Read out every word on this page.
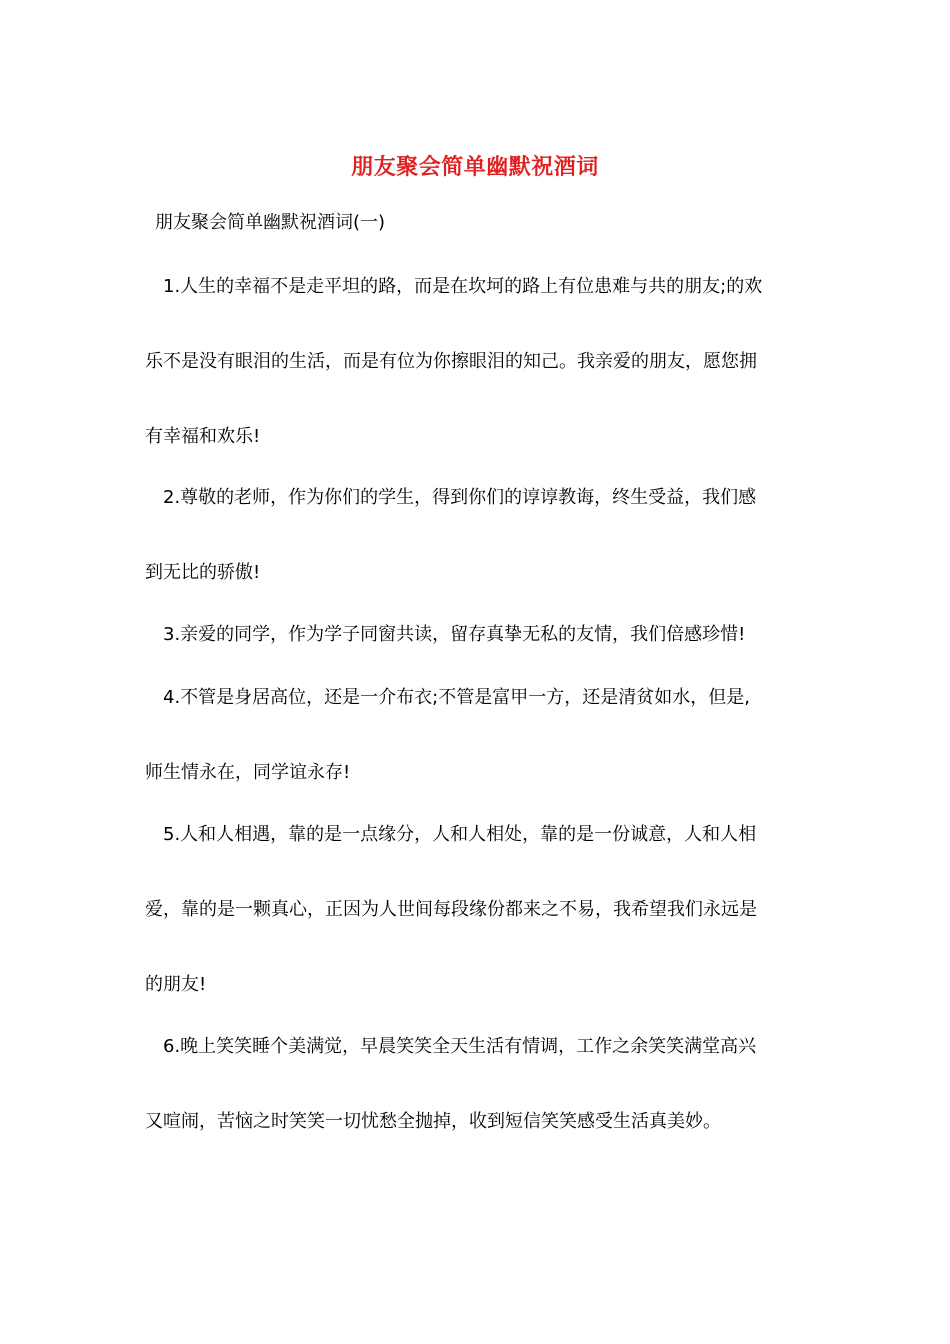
朋友聚会简单幽默祝酒词
朋友聚会简单幽默祝酒词(一)
1.人生的幸福不是走平坦的路，而是在坎坷的路上有位患难与共的朋友;的欢
乐不是没有眼泪的生活，而是有位为你擦眼泪的知己。我亲爱的朋友，愿您拥
有幸福和欢乐!
2.尊敬的老师，作为你们的学生，得到你们的谆谆教诲，终生受益，我们感
到无比的骄傲!
3.亲爱的同学，作为学子同窗共读，留存真挚无私的友情，我们倍感珍惜!
4.不管是身居高位，还是一介布衣;不管是富甲一方，还是清贫如水，但是,
师生情永在，同学谊永存!
5.人和人相遇，靠的是一点缘分，人和人相处，靠的是一份诚意，人和人相
爱，靠的是一颗真心，正因为人世间每段缘份都来之不易，我希望我们永远是
的朋友!
6.晚上笑笑睡个美满觉，早晨笑笑全天生活有情调，工作之余笑笑满堂高兴
又喧闹，苦恼之时笑笑一切忧愁全抛掉，收到短信笑笑感受生活真美妙。
